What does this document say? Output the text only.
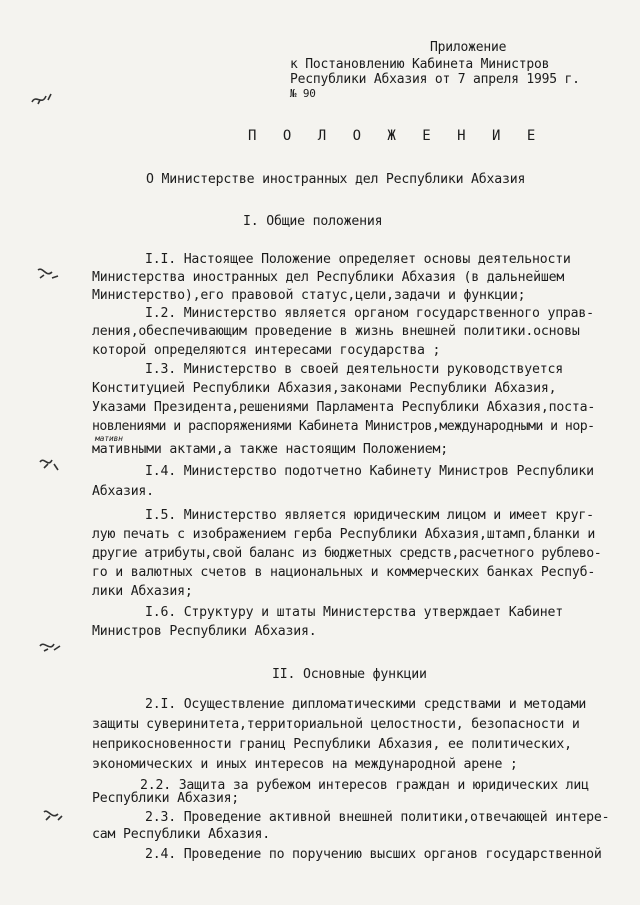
Приложение
к Постановлению Кабинета Министров
Республики Абхазия от 7 апреля 1995 г.
№ 90
П О Л О Ж Е Н И Е
О Министерстве иностранных дел Республики Абхазия
I. Общие положения
I.I. Настоящее Положение определяет основы деятельности
Министерства иностранных дел Республики Абхазия (в дальнейшем
Министерство),его правовой статус,цели,задачи и функции;
I.2. Министерство является органом государственного управ-
ления,обеспечивающим проведение в жизнь внешней политики.основы
которой определяются интересами государства ;
I.3. Министерство в своей деятельности руководствуется
Конституцией Республики Абхазия,законами Республики Абхазия,
Указами Президента,решениями Парламента Республики Абхазия,поста-
новлениями и распоряжениями Кабинета Министров,международными и нор-
мативн
мативными актами,а также настоящим Положением;
I.4. Министерство подотчетно Кабинету Министров Республики
Абхазия.
I.5. Министерство является юридическим лицом и имеет круг-
лую печать с изображением герба Республики Абхазия,штамп,бланки и
другие атрибуты,свой баланс из бюджетных средств,расчетного рублево-
го и валютных счетов в национальных и коммерческих банках Респуб-
лики Абхазия;
I.6. Структуру и штаты Министерства утверждает Кабинет
Министров Республики Абхазия.
II. Основные функции
2.I. Осуществление дипломатическими средствами и методами
защиты суверинитета,территориальной целостности, безопасности и
неприкосновенности границ Республики Абхазия, ее политических,
экономических и иных интересов на международной арене ;
2.2. Защита за рубежом интересов граждан и юридических лиц
Республики Абхазия;
2.3. Проведение активной внешней политики,отвечающей интере-
сам Республики Абхазия.
2.4. Проведение по поручению высших органов государственной
